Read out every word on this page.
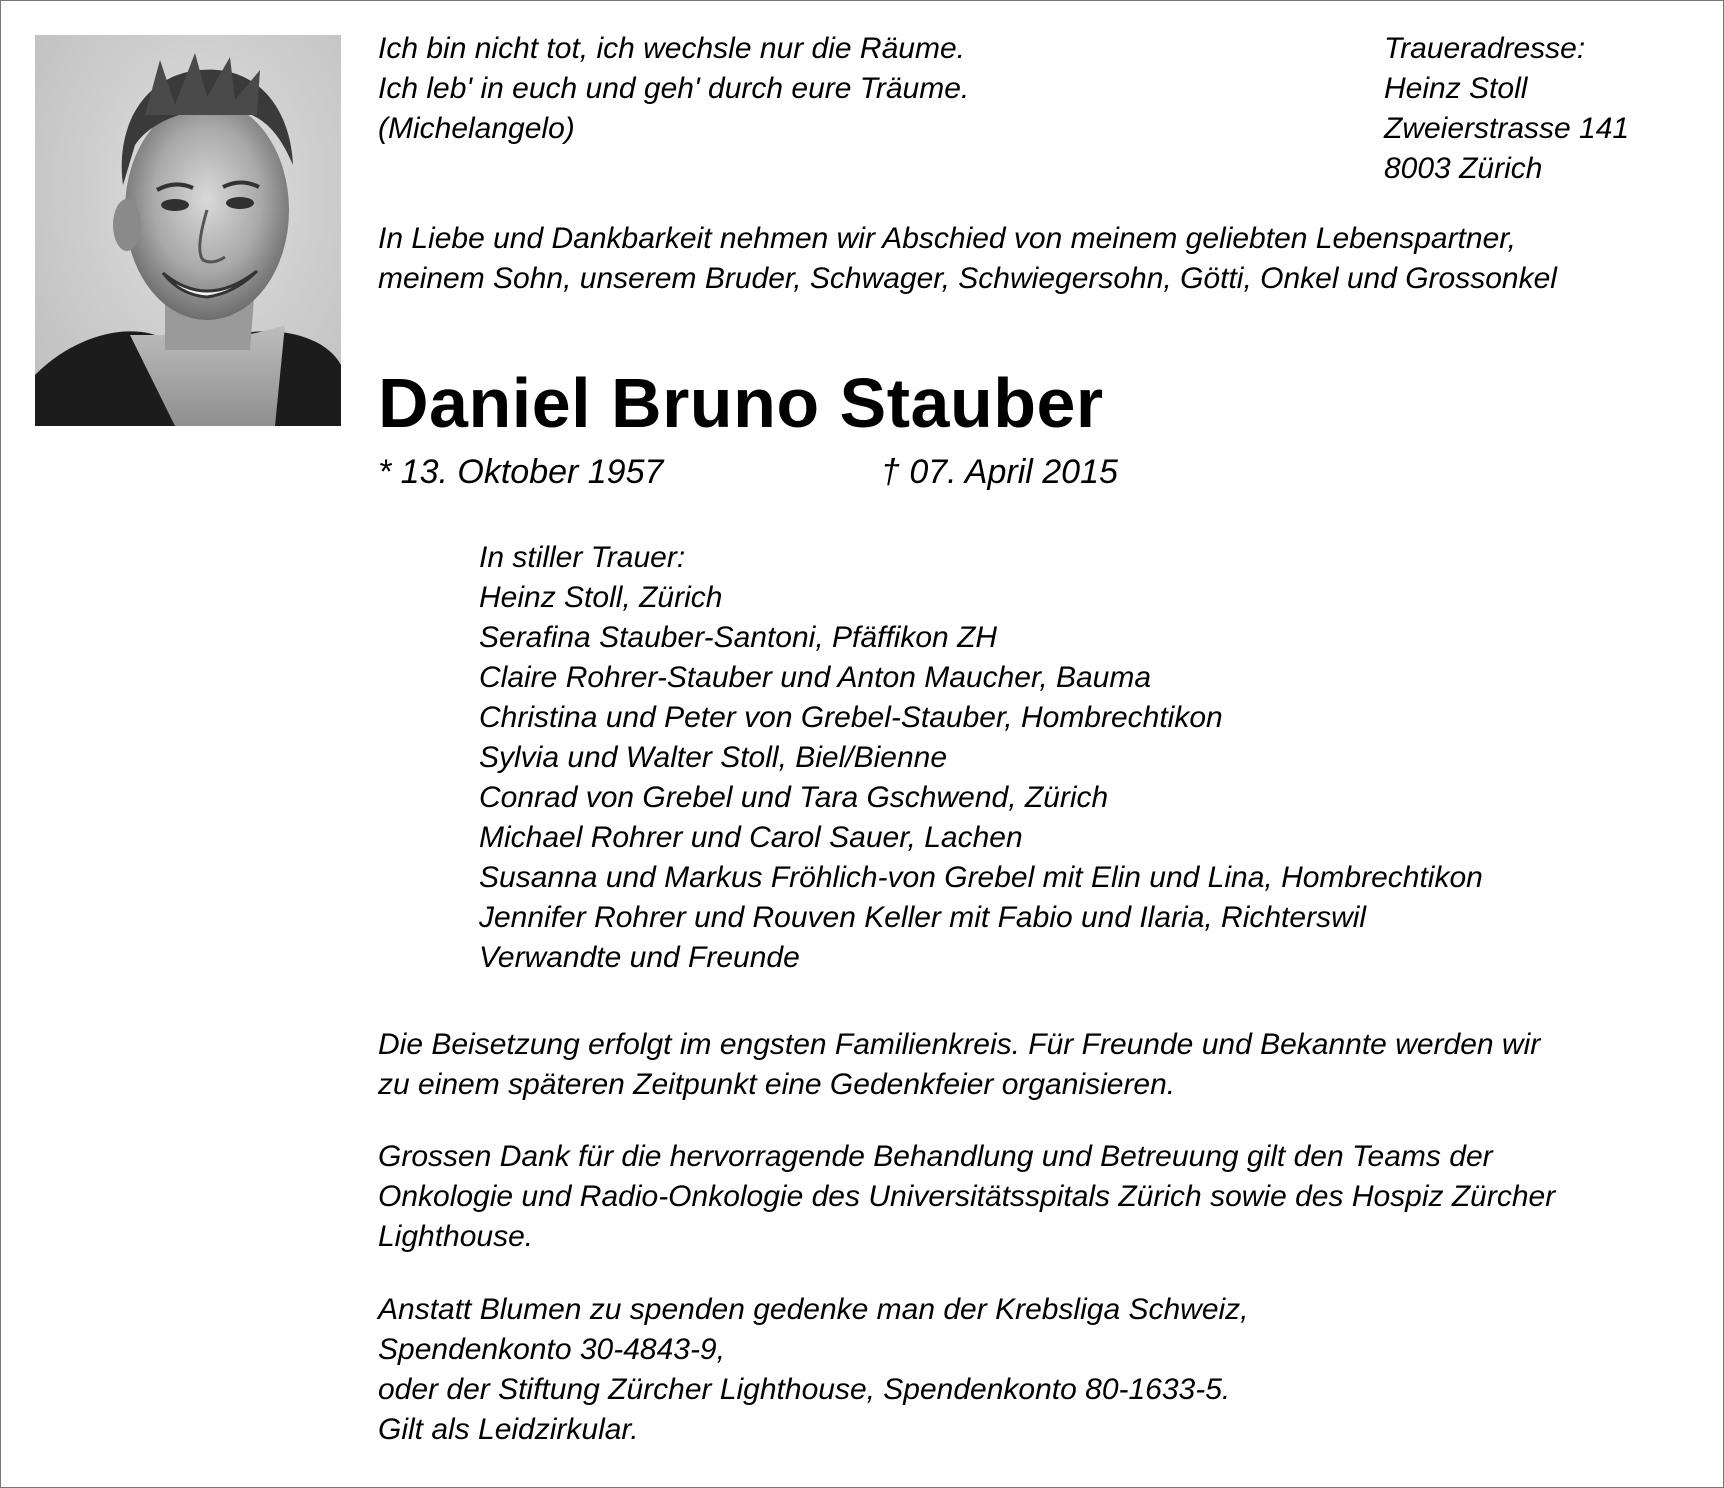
Ich bin nicht tot, ich wechsle nur die Räume.
Ich leb' in euch und geh' durch eure Träume.
(Michelangelo)
Traueradresse:
Heinz Stoll
Zweierstrasse 141
8003 Zürich
In Liebe und Dankbarkeit nehmen wir Abschied von meinem geliebten Lebenspartner,
meinem Sohn, unserem Bruder, Schwager, Schwiegersohn, Götti, Onkel und Grossonkel
Daniel Bruno Stauber
* 13. Oktober 1957	† 07. April 2015
In stiller Trauer:
Heinz Stoll, Zürich
Serafina Stauber-Santoni, Pfäffikon ZH
Claire Rohrer-Stauber und Anton Maucher, Bauma
Christina und Peter von Grebel-Stauber, Hombrechtikon
Sylvia und Walter Stoll, Biel/Bienne
Conrad von Grebel und Tara Gschwend, Zürich
Michael Rohrer und Carol Sauer, Lachen
Susanna und Markus Fröhlich-von Grebel mit Elin und Lina, Hombrechtikon
Jennifer Rohrer und Rouven Keller mit Fabio und Ilaria, Richterswil
Verwandte und Freunde
Die Beisetzung erfolgt im engsten Familienkreis. Für Freunde und Bekannte werden wir
zu einem späteren Zeitpunkt eine Gedenkfeier organisieren.
Grossen Dank für die hervorragende Behandlung und Betreuung gilt den Teams der
Onkologie und Radio-Onkologie des Universitätsspitals Zürich sowie des Hospiz Zürcher
Lighthouse.
Anstatt Blumen zu spenden gedenke man der Krebsliga Schweiz,
Spendenkonto 30-4843-9,
oder der Stiftung Zürcher Lighthouse, Spendenkonto 80-1633-5.
Gilt als Leidzirkular.
